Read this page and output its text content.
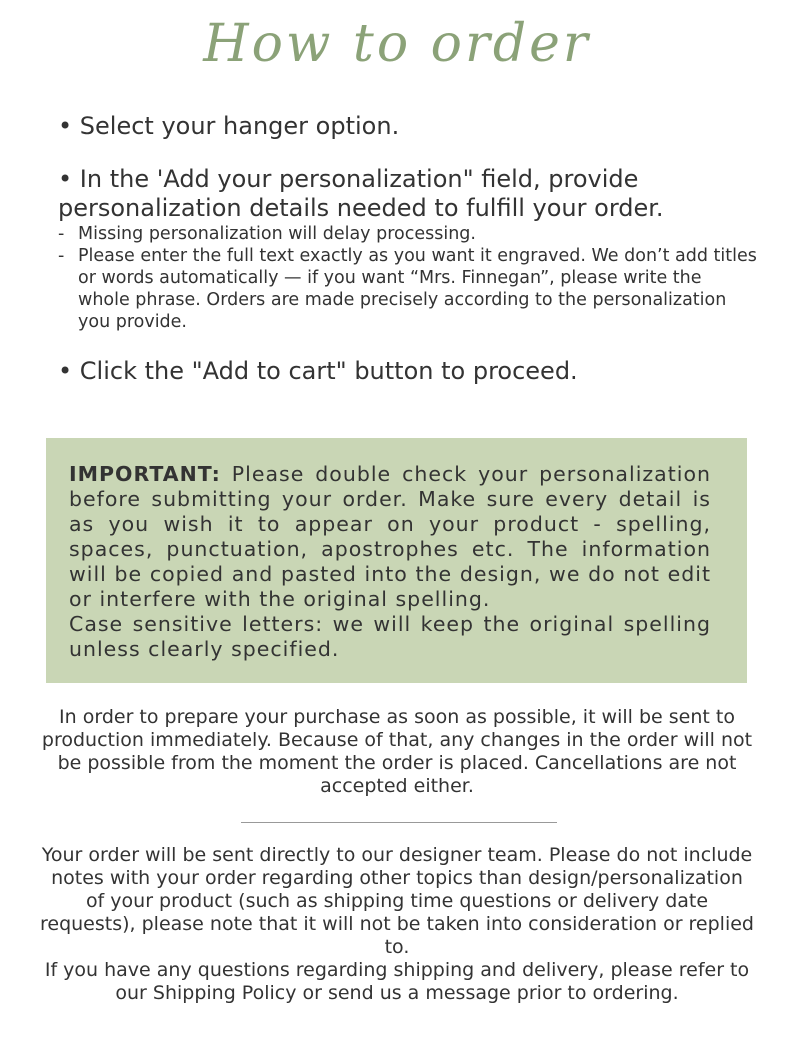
How to order
• Select your hanger option.
• In the 'Add your personalization" field, provide
personalization details needed to fulfill your order.
- Missing personalization will delay processing.
- Please enter the full text exactly as you want it engraved. We don’t add titles or words automatically — if you want “Mrs. Finnegan”, please write the whole phrase. Orders are made precisely according to the personalization you provide.
• Click the "Add to cart" button to proceed.
IMPORTANT: Please double check your personalization before submitting your order. Make sure every detail is as you wish it to appear on your product - spelling, spaces, punctuation, apostrophes etc. The information will be copied and pasted into the design, we do not edit or interfere with the original spelling.
Case sensitive letters: we will keep the original spelling unless clearly specified.
In order to prepare your purchase as soon as possible, it will be sent to production immediately. Because of that, any changes in the order will not be possible from the moment the order is placed. Cancellations are not accepted either.
Your order will be sent directly to our designer team. Please do not include notes with your order regarding other topics than design/personalization of your product (such as shipping time questions or delivery date requests), please note that it will not be taken into consideration or replied to.
If you have any questions regarding shipping and delivery, please refer to our Shipping Policy or send us a message prior to ordering.
